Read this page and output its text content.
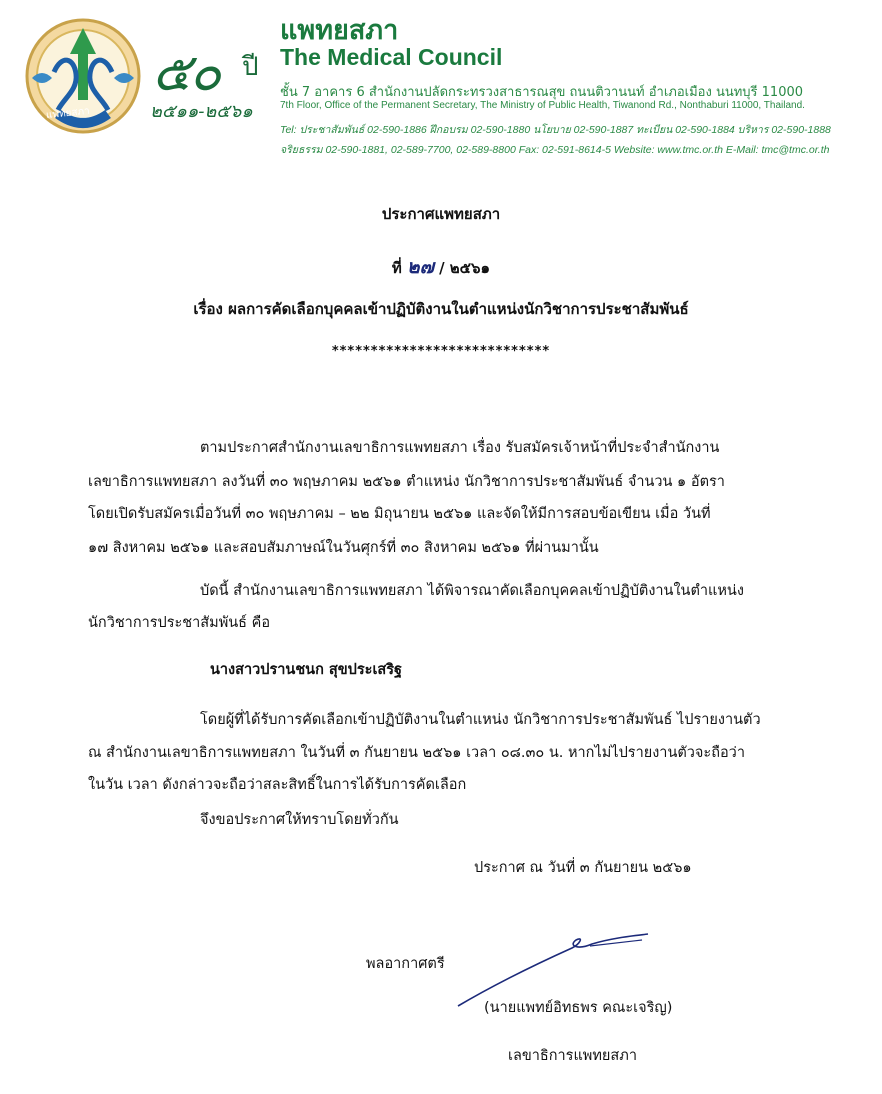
แพทยสภา
๕๐ ปี
๒๕๑๑-๒๕๖๑
แพทยสภา
The Medical Council
ชั้น 7 อาคาร 6 สำนักงานปลัดกระทรวงสาธารณสุข ถนนติวานนท์ อำเภอเมือง นนทบุรี 11000
7th Floor, Office of the Permanent Secretary, The Ministry of Public Health, Tiwanond Rd., Nonthaburi 11000, Thailand.
Tel: ประชาสัมพันธ์ 02-590-1886 ฝึกอบรม 02-590-1880 นโยบาย 02-590-1887 ทะเบียน 02-590-1884 บริหาร 02-590-1888
จริยธรรม 02-590-1881, 02-589-7700, 02-589-8800 Fax: 02-591-8614-5 Website: www.tmc.or.th E-Mail: tmc@tmc.or.th
ประกาศแพทยสภา
ที่ ๒๗ / ๒๕๖๑
เรื่อง ผลการคัดเลือกบุคคลเข้าปฏิบัติงานในตำแหน่งนักวิชาการประชาสัมพันธ์
****************************
ตามประกาศสำนักงานเลขาธิการแพทยสภา เรื่อง รับสมัครเจ้าหน้าที่ประจำสำนักงาน
เลขาธิการแพทยสภา ลงวันที่ ๓๐ พฤษภาคม ๒๕๖๑ ตำแหน่ง นักวิชาการประชาสัมพันธ์ จำนวน ๑ อัตรา
โดยเปิดรับสมัครเมื่อวันที่ ๓๐ พฤษภาคม – ๒๒ มิถุนายน ๒๕๖๑ และจัดให้มีการสอบข้อเขียน เมื่อ วันที่
๑๗ สิงหาคม ๒๕๖๑ และสอบสัมภาษณ์ในวันศุกร์ที่ ๓๐ สิงหาคม ๒๕๖๑ ที่ผ่านมานั้น
บัดนี้ สำนักงานเลขาธิการแพทยสภา ได้พิจารณาคัดเลือกบุคคลเข้าปฏิบัติงานในตำแหน่ง
นักวิชาการประชาสัมพันธ์ คือ
นางสาวปรานชนก สุขประเสริฐ
โดยผู้ที่ได้รับการคัดเลือกเข้าปฏิบัติงานในตำแหน่ง นักวิชาการประชาสัมพันธ์ ไปรายงานตัว
ณ สำนักงานเลขาธิการแพทยสภา ในวันที่ ๓ กันยายน ๒๕๖๑ เวลา ๐๘.๓๐ น. หากไม่ไปรายงานตัวจะถือว่า
ในวัน เวลา ดังกล่าวจะถือว่าสละสิทธิ์ในการได้รับการคัดเลือก
จึงขอประกาศให้ทราบโดยทั่วกัน
ประกาศ ณ วันที่ ๓ กันยายน ๒๕๖๑
พลอากาศตรี
(นายแพทย์อิทธพร คณะเจริญ)
เลขาธิการแพทยสภา
